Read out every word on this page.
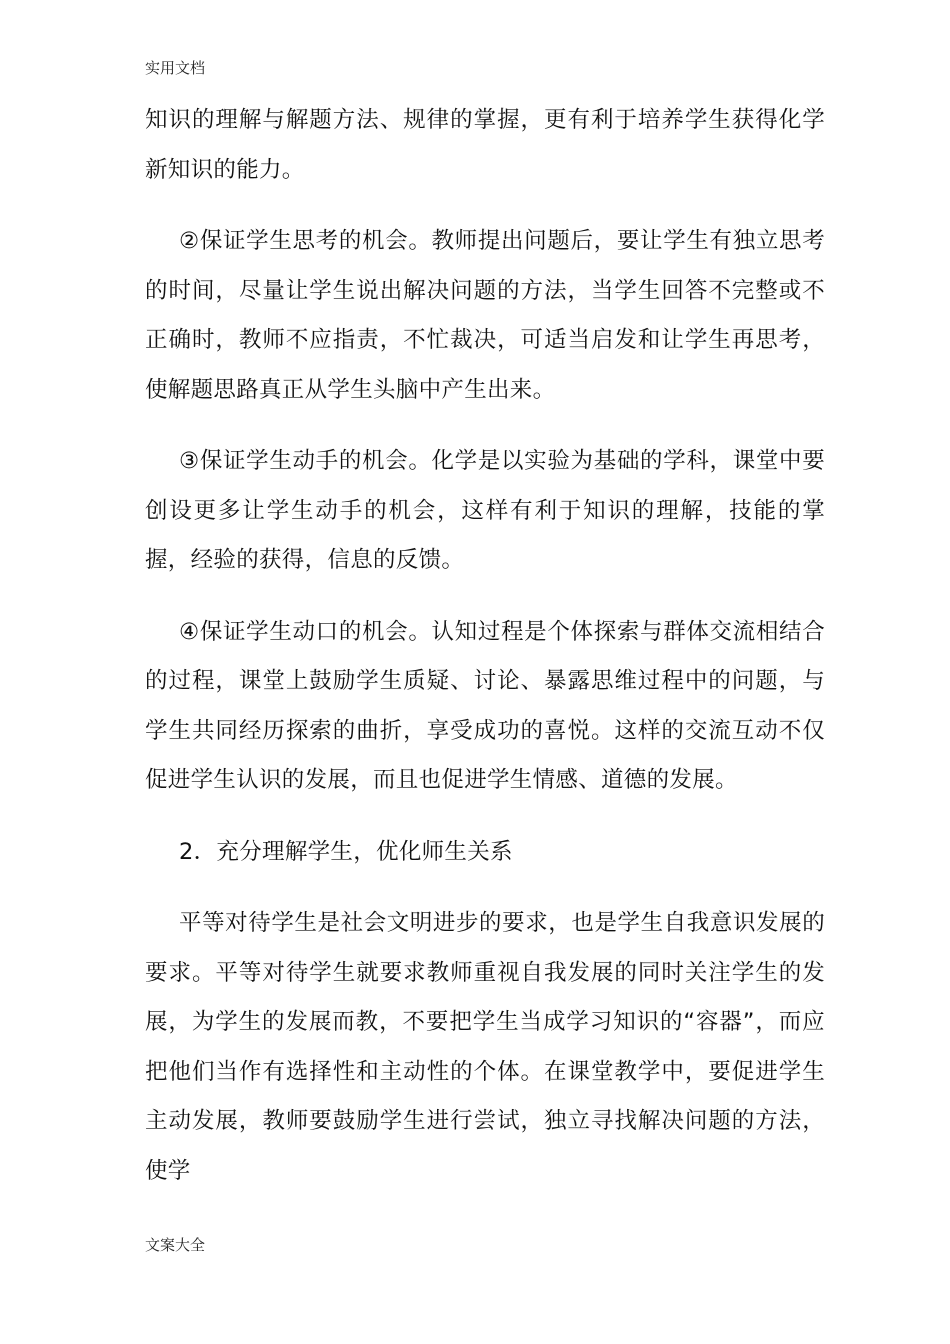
实用文档

知识的理解与解题方法、规律的掌握，更有利于培养学生获得化学新知识的能力。

②保证学生思考的机会。教师提出问题后，要让学生有独立思考的时间，尽量让学生说出解决问题的方法，当学生回答不完整或不正确时，教师不应指责，不忙裁决，可适当启发和让学生再思考，使解题思路真正从学生头脑中产生出来。

③保证学生动手的机会。化学是以实验为基础的学科，课堂中要创设更多让学生动手的机会，这样有利于知识的理解，技能的掌握，经验的获得，信息的反馈。

④保证学生动口的机会。认知过程是个体探索与群体交流相结合的过程，课堂上鼓励学生质疑、讨论、暴露思维过程中的问题，与学生共同经历探索的曲折，享受成功的喜悦。这样的交流互动不仅促进学生认识的发展，而且也促进学生情感、道德的发展。

2．充分理解学生，优化师生关系

平等对待学生是社会文明进步的要求，也是学生自我意识发展的要求。平等对待学生就要求教师重视自我发展的同时关注学生的发展，为学生的发展而教，不要把学生当成学习知识的“容器”，而应把他们当作有选择性和主动性的个体。在课堂教学中，要促进学生主动发展，教师要鼓励学生进行尝试，独立寻找解决问题的方法，使学

文案大全
